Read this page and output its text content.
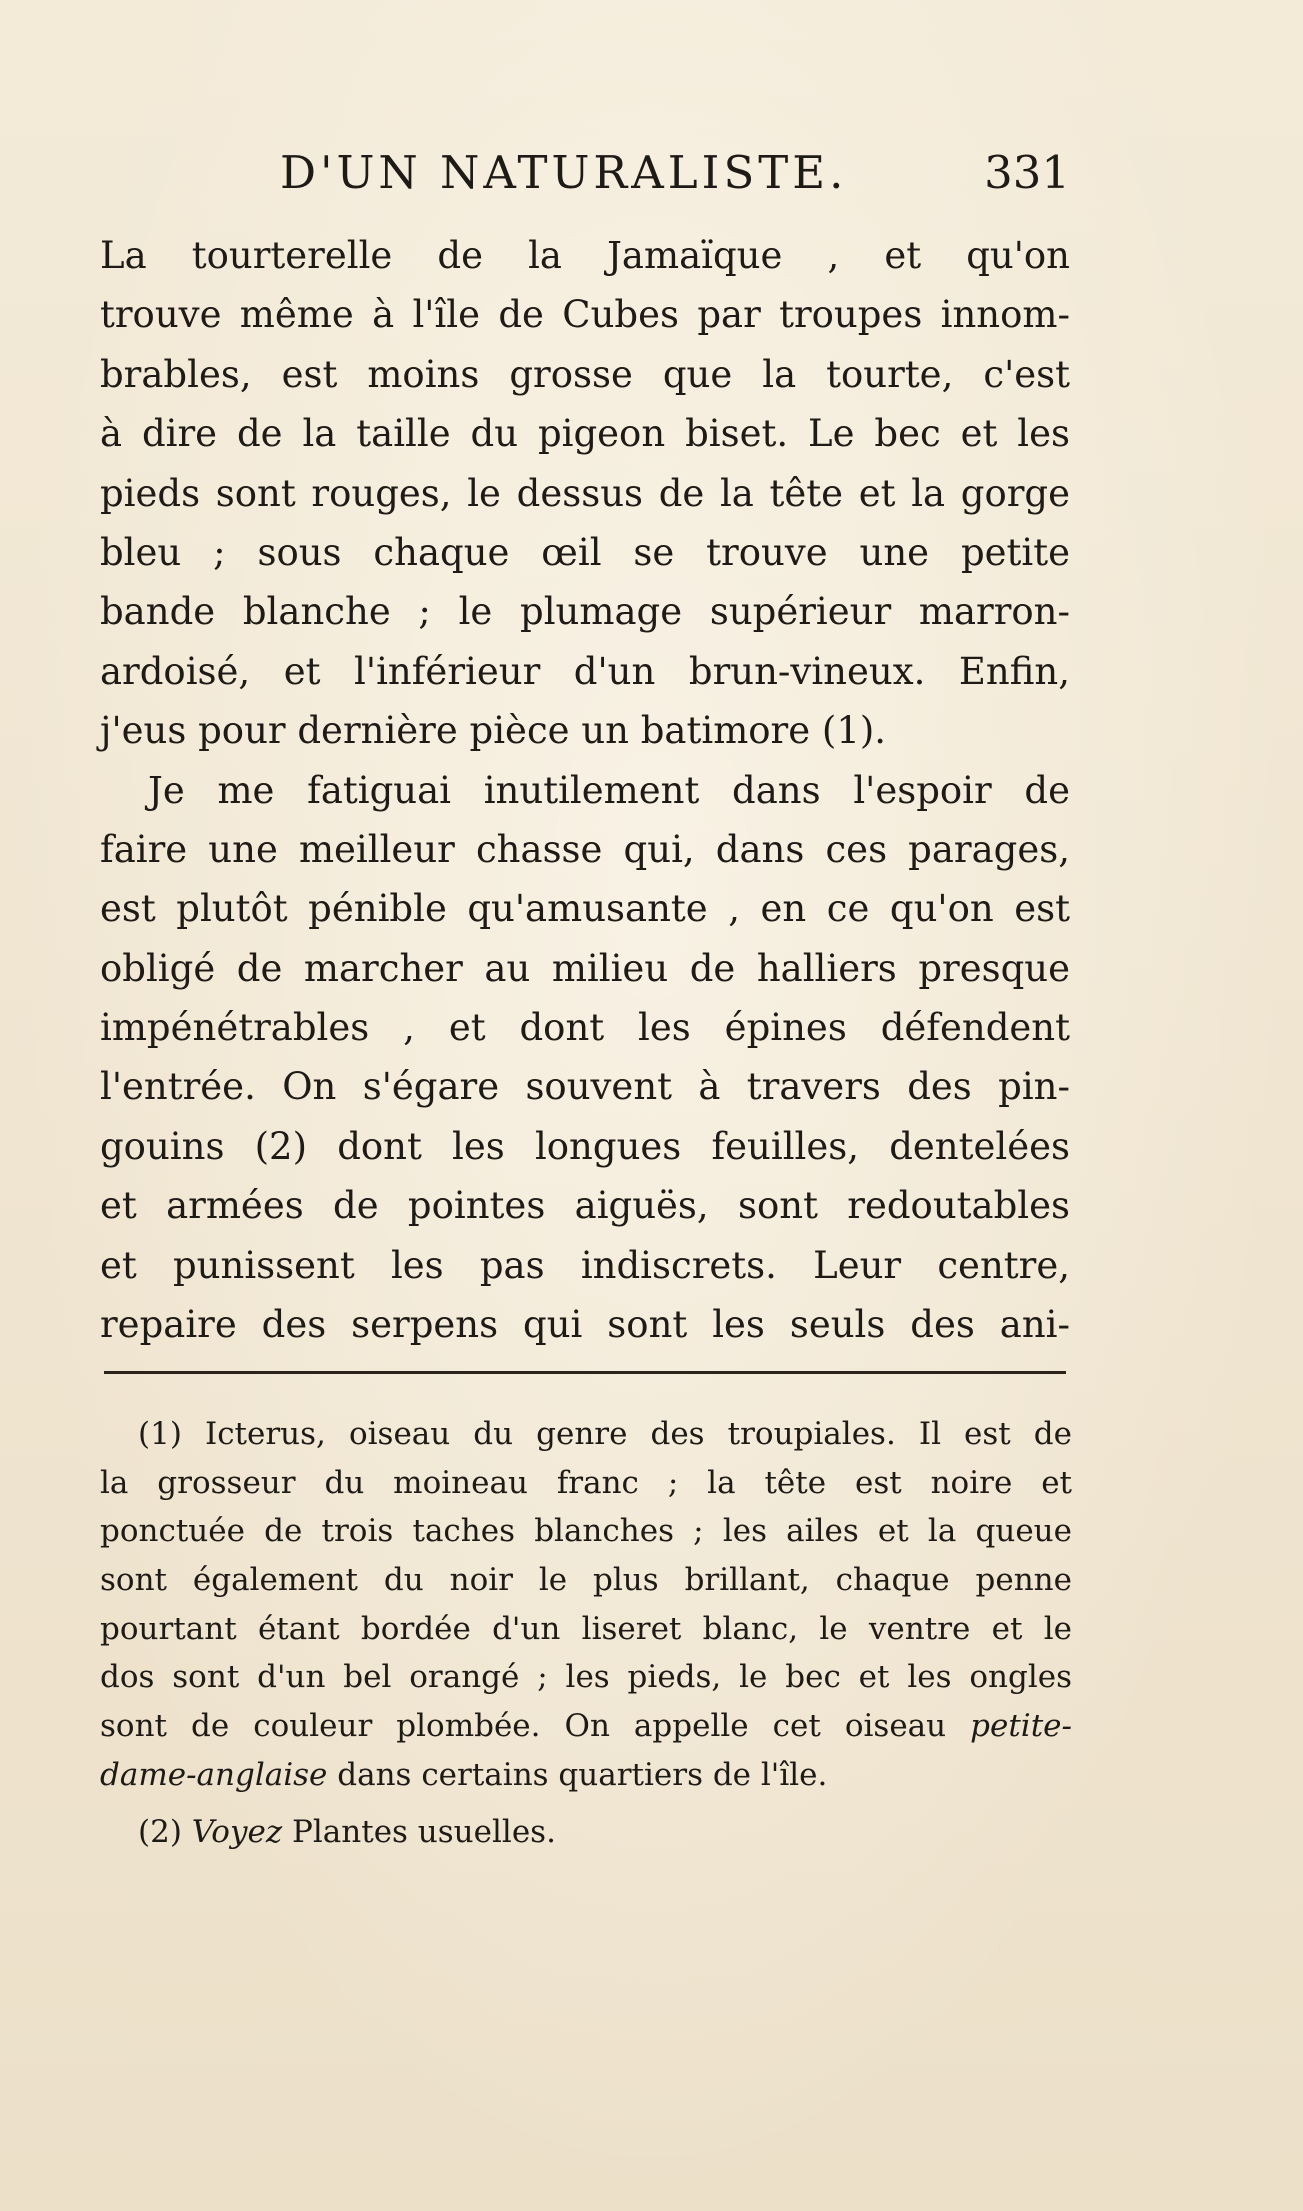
D'UN NATURALISTE.	331
La tourterelle de la Jamaïque , et qu'on
trouve même à l'île de Cubes par troupes innom-
brables, est moins grosse que la tourte, c'est
à dire de la taille du pigeon biset. Le bec et les
pieds sont rouges, le dessus de la tête et la gorge
bleu ; sous chaque œil se trouve une petite
bande blanche ; le plumage supérieur marron-
ardoisé, et l'inférieur d'un brun-vineux. Enfin,
j'eus pour dernière pièce un batimore (1).
Je me fatiguai inutilement dans l'espoir de
faire une meilleur chasse qui, dans ces parages,
est plutôt pénible qu'amusante , en ce qu'on est
obligé de marcher au milieu de halliers presque
impénétrables , et dont les épines défendent
l'entrée. On s'égare souvent à travers des pin-
gouins (2) dont les longues feuilles, dentelées
et armées de pointes aiguës, sont redoutables
et punissent les pas indiscrets. Leur centre,
repaire des serpens qui sont les seuls des ani-
(1) Icterus, oiseau du genre des troupiales. Il est de
la grosseur du moineau franc ; la tête est noire et
ponctuée de trois taches blanches ; les ailes et la queue
sont également du noir le plus brillant, chaque penne
pourtant étant bordée d'un liseret blanc, le ventre et le
dos sont d'un bel orangé ; les pieds, le bec et les ongles
sont de couleur plombée. On appelle cet oiseau petite-
dame-anglaise dans certains quartiers de l'île.
(2) Voyez Plantes usuelles.
